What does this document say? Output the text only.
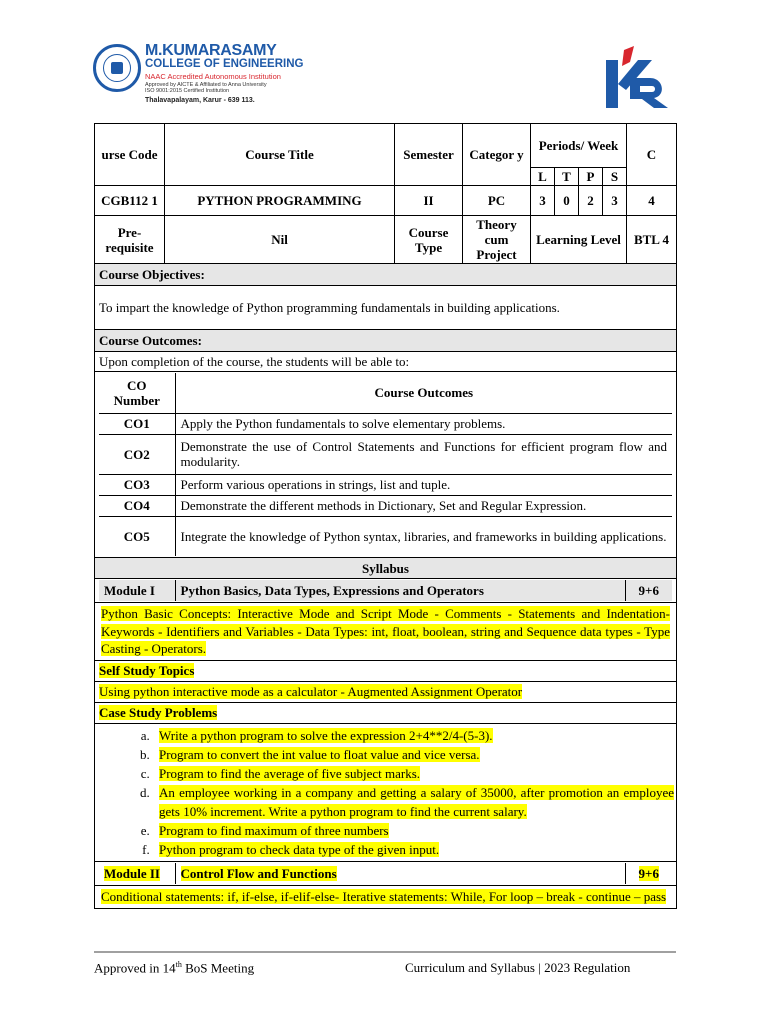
M.KUMARASAMY
COLLEGE OF ENGINEERING
NAAC Accredited Autonomous Institution
Approved by AICTE & Affiliated to Anna University
ISO 9001:2015 Certified Institution
Thalavapalayam, Karur - 639 113.
urse Code	Course Title	Semester	Categor y	Periods/ Week	C
L	T	P	S
CGB112 1	PYTHON PROGRAMMING	II	PC	3	0	2	3	4
Pre- requisite	Nil	Course Type	Theory cum Project	Learning Level	BTL 4
Course Objectives:
To impart the knowledge of Python programming fundamentals in building applications.
Course Outcomes:
Upon completion of the course, the students will be able to:

CO Number	Course Outcomes
CO1	Apply the Python fundamentals to solve elementary problems.
CO2	Demonstrate the use of Control Statements and Functions for efficient program flow and modularity.
CO3	Perform various operations in strings, list and tuple.
CO4	Demonstrate the different methods in Dictionary, Set and Regular Expression.
CO5	Integrate the knowledge of Python syntax, libraries, and frameworks in building applications.

Syllabus

Module I	Python Basics, Data Types, Expressions and Operators	9+6

Python Basic Concepts: Interactive Mode and Script Mode - Comments - Statements and Indentation-Keywords - Identifiers and Variables - Data Types: int, float, boolean, string and Sequence data types - Type Casting - Operators.
Self Study Topics
Using python interactive mode as a calculator - Augmented Assignment Operator
Case Study Problems

a. Write a python program to solve the expression 2+4**2/4-(5-3).
b. Program to convert the int value to float value and vice versa.
c. Program to find the average of five subject marks.
d. An employee working in a company and getting a salary of 35000, after promotion an employee gets 10% increment. Write a python program to find the current salary.
e. Program to find maximum of three numbers
f. Python program to check data type of the given input.

Module II	Control Flow and Functions	9+6

Conditional statements: if, if-else, if-elif-else- Iterative statements: While, For loop – break - continue – pass
Approved in 14th BoS Meeting	Curriculum and Syllabus | 2023 Regulation
